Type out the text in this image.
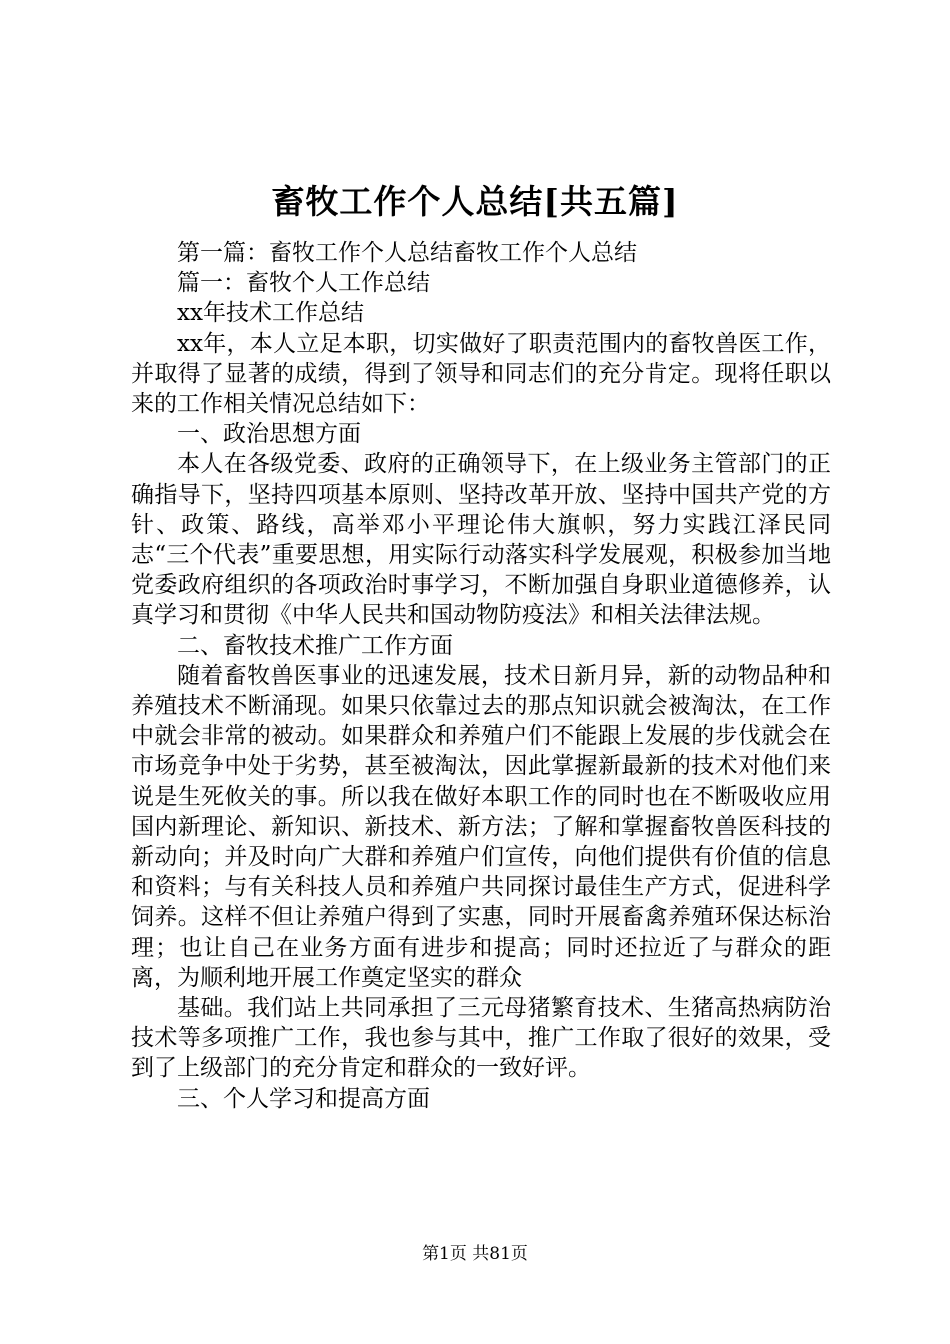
畜牧工作个人总结[共五篇]

第一篇：畜牧工作个人总结畜牧工作个人总结

篇一：畜牧个人工作总结

xx年技术工作总结

xx年，本人立足本职，切实做好了职责范围内的畜牧兽医工作，并取得了显著的成绩，得到了领导和同志们的充分肯定。现将任职以来的工作相关情况总结如下：

一、政治思想方面

本人在各级党委、政府的正确领导下，在上级业务主管部门的正确指导下，坚持四项基本原则、坚持改革开放、坚持中国共产党的方针、政策、路线，高举邓小平理论伟大旗帜，努力实践江泽民同志“三个代表”重要思想，用实际行动落实科学发展观，积极参加当地党委政府组织的各项政治时事学习，不断加强自身职业道德修养，认真学习和贯彻《中华人民共和国动物防疫法》和相关法律法规。

二、畜牧技术推广工作方面

随着畜牧兽医事业的迅速发展，技术日新月异，新的动物品种和养殖技术不断涌现。如果只依靠过去的那点知识就会被淘汰，在工作中就会非常的被动。如果群众和养殖户们不能跟上发展的步伐就会在市场竞争中处于劣势，甚至被淘汰，因此掌握新最新的技术对他们来说是生死攸关的事。所以我在做好本职工作的同时也在不断吸收应用国内新理论、新知识、新技术、新方法；了解和掌握畜牧兽医科技的新动向；并及时向广大群和养殖户们宣传，向他们提供有价值的信息和资料；与有关科技人员和养殖户共同探讨最佳生产方式，促进科学饲养。这样不但让养殖户得到了实惠，同时开展畜禽养殖环保达标治理；也让自己在业务方面有进步和提高；同时还拉近了与群众的距离，为顺利地开展工作奠定坚实的群众

基础。我们站上共同承担了三元母猪繁育技术、生猪高热病防治技术等多项推广工作，我也参与其中，推广工作取了很好的效果，受到了上级部门的充分肯定和群众的一致好评。

三、个人学习和提高方面

第1页 共81页
